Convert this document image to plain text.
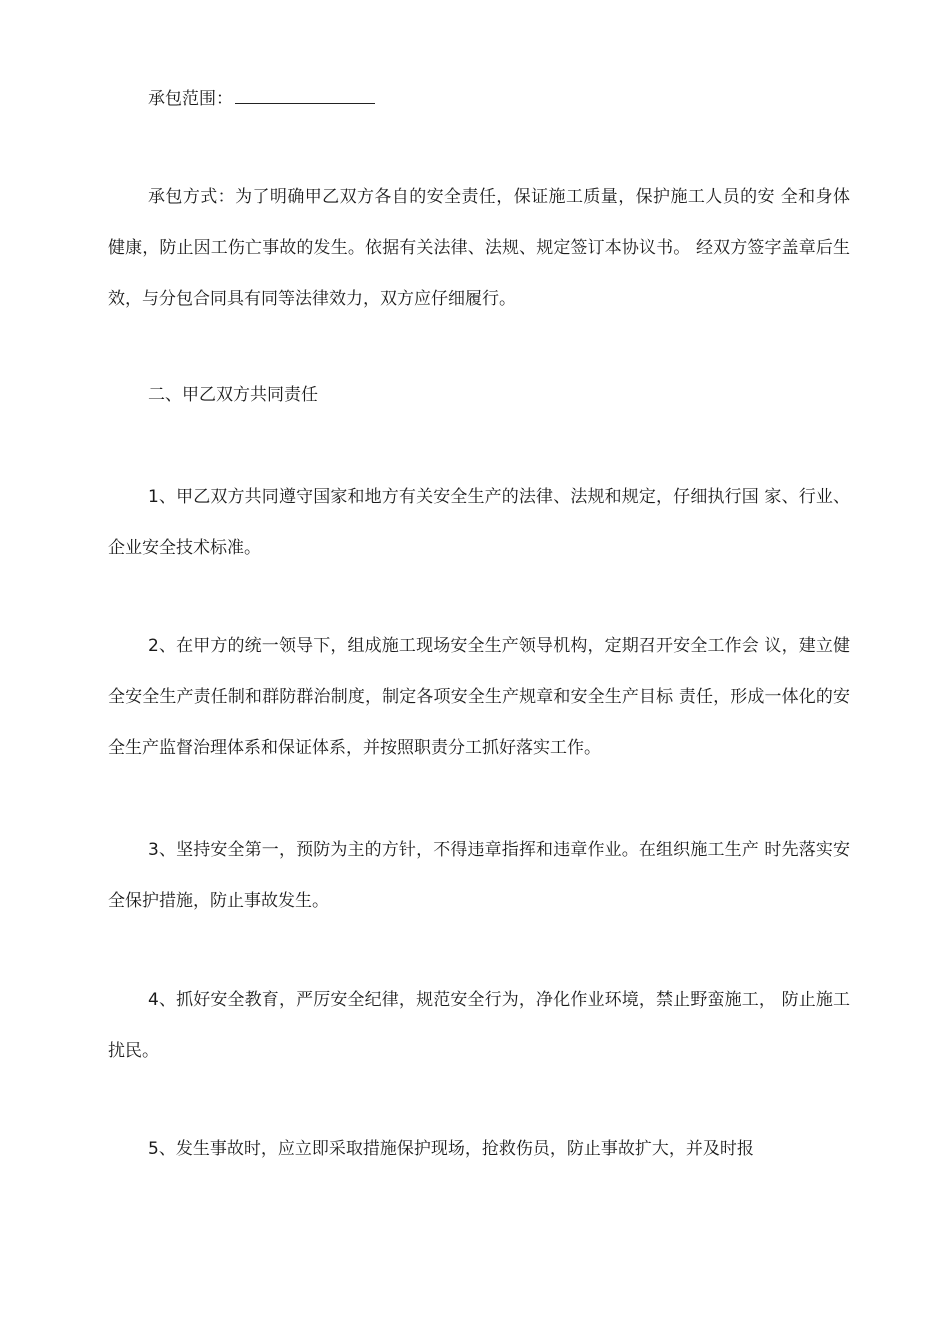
承包范围：

承包方式：为了明确甲乙双方各自的安全责任，保证施工质量，保护施工人员的安 全和身体健康，防止因工伤亡事故的发生。依据有关法律、法规、规定签订本协议书。 经双方签字盖章后生效，与分包合同具有同等法律效力，双方应仔细履行。

二、甲乙双方共同责任

1、甲乙双方共同遵守国家和地方有关安全生产的法律、法规和规定，仔细执行国 家、行业、企业安全技术标准。

2、在甲方的统一领导下，组成施工现场安全生产领导机构，定期召开安全工作会 议，建立健全安全生产责任制和群防群治制度，制定各项安全生产规章和安全生产目标 责任，形成一体化的安全生产监督治理体系和保证体系，并按照职责分工抓好落实工作。

3、坚持安全第一，预防为主的方针，不得违章指挥和违章作业。在组织施工生产 时先落实安全保护措施，防止事故发生。

4、抓好安全教育，严厉安全纪律，规范安全行为，净化作业环境，禁止野蛮施工， 防止施工扰民。

5、发生事故时，应立即采取措施保护现场，抢救伤员，防止事故扩大，并及时报
